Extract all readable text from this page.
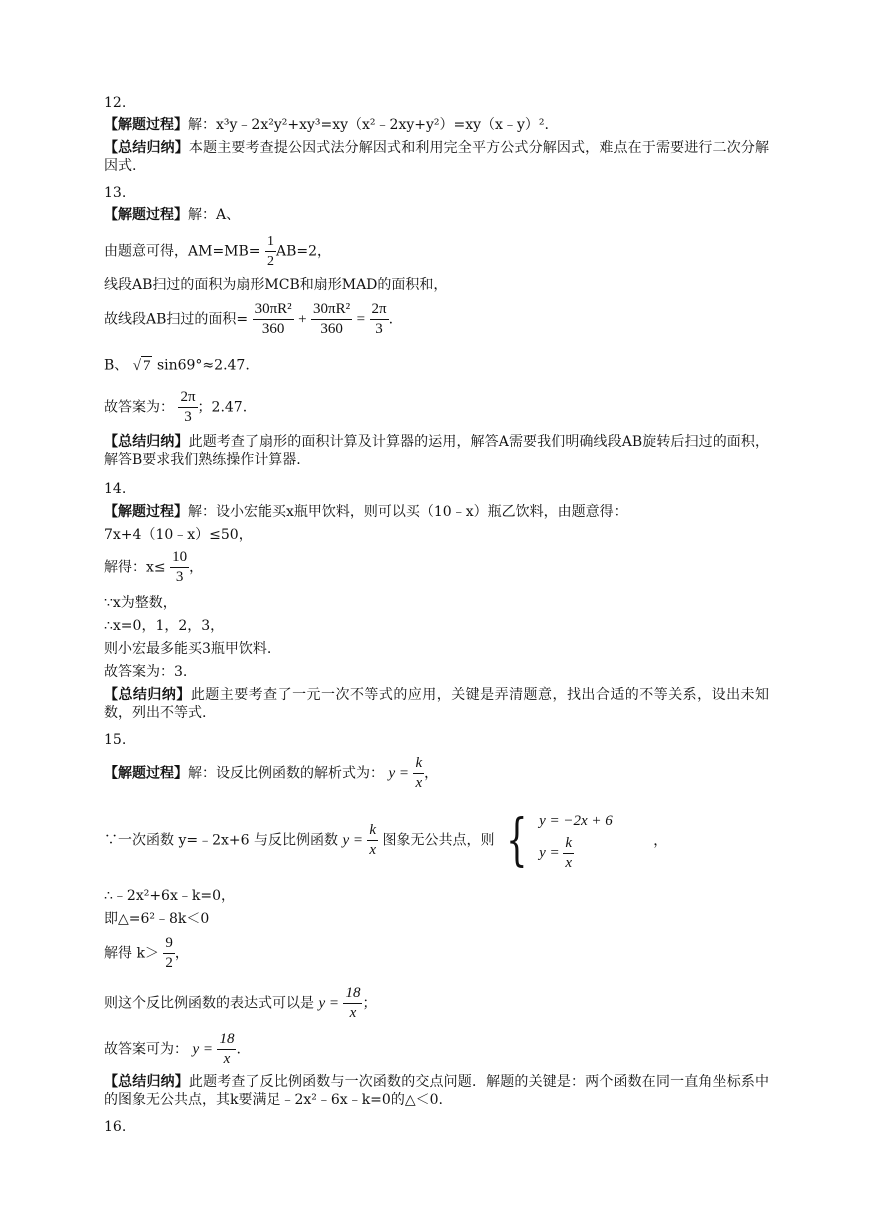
12.
【解题过程】解：x³y﹣2x²y²+xy³=xy（x²﹣2xy+y²）=xy（x﹣y）².
【总结归纳】本题主要考查提公因式法分解因式和利用完全平方公式分解因式，难点在于需要进行二次分解因式.
13.
【解题过程】解：A、
由题意可得，$AM=MB= \frac{1}{2} AB=2$，
线段AB扫过的面积为扇形MCB和扇形MAD的面积和，
故线段AB扫过的面积= $\frac{\text{30πR²}}{360} + \frac{\text{30πR²}}{360} = \frac{2\pi}{3}$ .
B、 √ 7 sin69°≈2.47.
故答案为： $\frac{2\pi}{3}$ ；2.47.
【总结归纳】此题考查了扇形的面积计算及计算器的运用，解答A需要我们明确线段AB旋转后扫过的面积，解答B要求我们熟练操作计算器.
14.
【解题过程】解：设小宏能买x瓶甲饮料，则可以买（10﹣x）瓶乙饮料，由题意得：
7x+4（10﹣x）≤50，
解得：$x\le \frac{10}{3}$ ，
∵x为整数，
∴x=0，1，2，3，
则小宏最多能买3瓶甲饮料.
故答案为：3.
【总结归纳】此题主要考查了一元一次不等式的应用，关键是弄清题意，找出合适的不等关系，设出未知数，列出不等式.
15.
【解题过程】解：设反比例函数的解析式为： $y = \frac{k}{x}$ ，
∵一次函数 y=﹣2x+6 与反比例函数 $y = \frac{k}{x}$ 图象无公共点，则 { y = −2x + 6
$y = \frac{k}{x}$	，
∴﹣2x²+6x﹣k=0，
即△=6²﹣8k＜0
解得 $k> \frac{9}{2}$ ，
则这个反比例函数的表达式可以是 $y = \frac{18}{x}$ ；
故答案可为： $y = \frac{18}{x}$ .
【总结归纳】此题考查了反比例函数与一次函数的交点问题．解题的关键是：两个函数在同一直角坐标系中的图象无公共点，其k要满足﹣2x²﹣6x﹣k=0的△＜0.
16.
